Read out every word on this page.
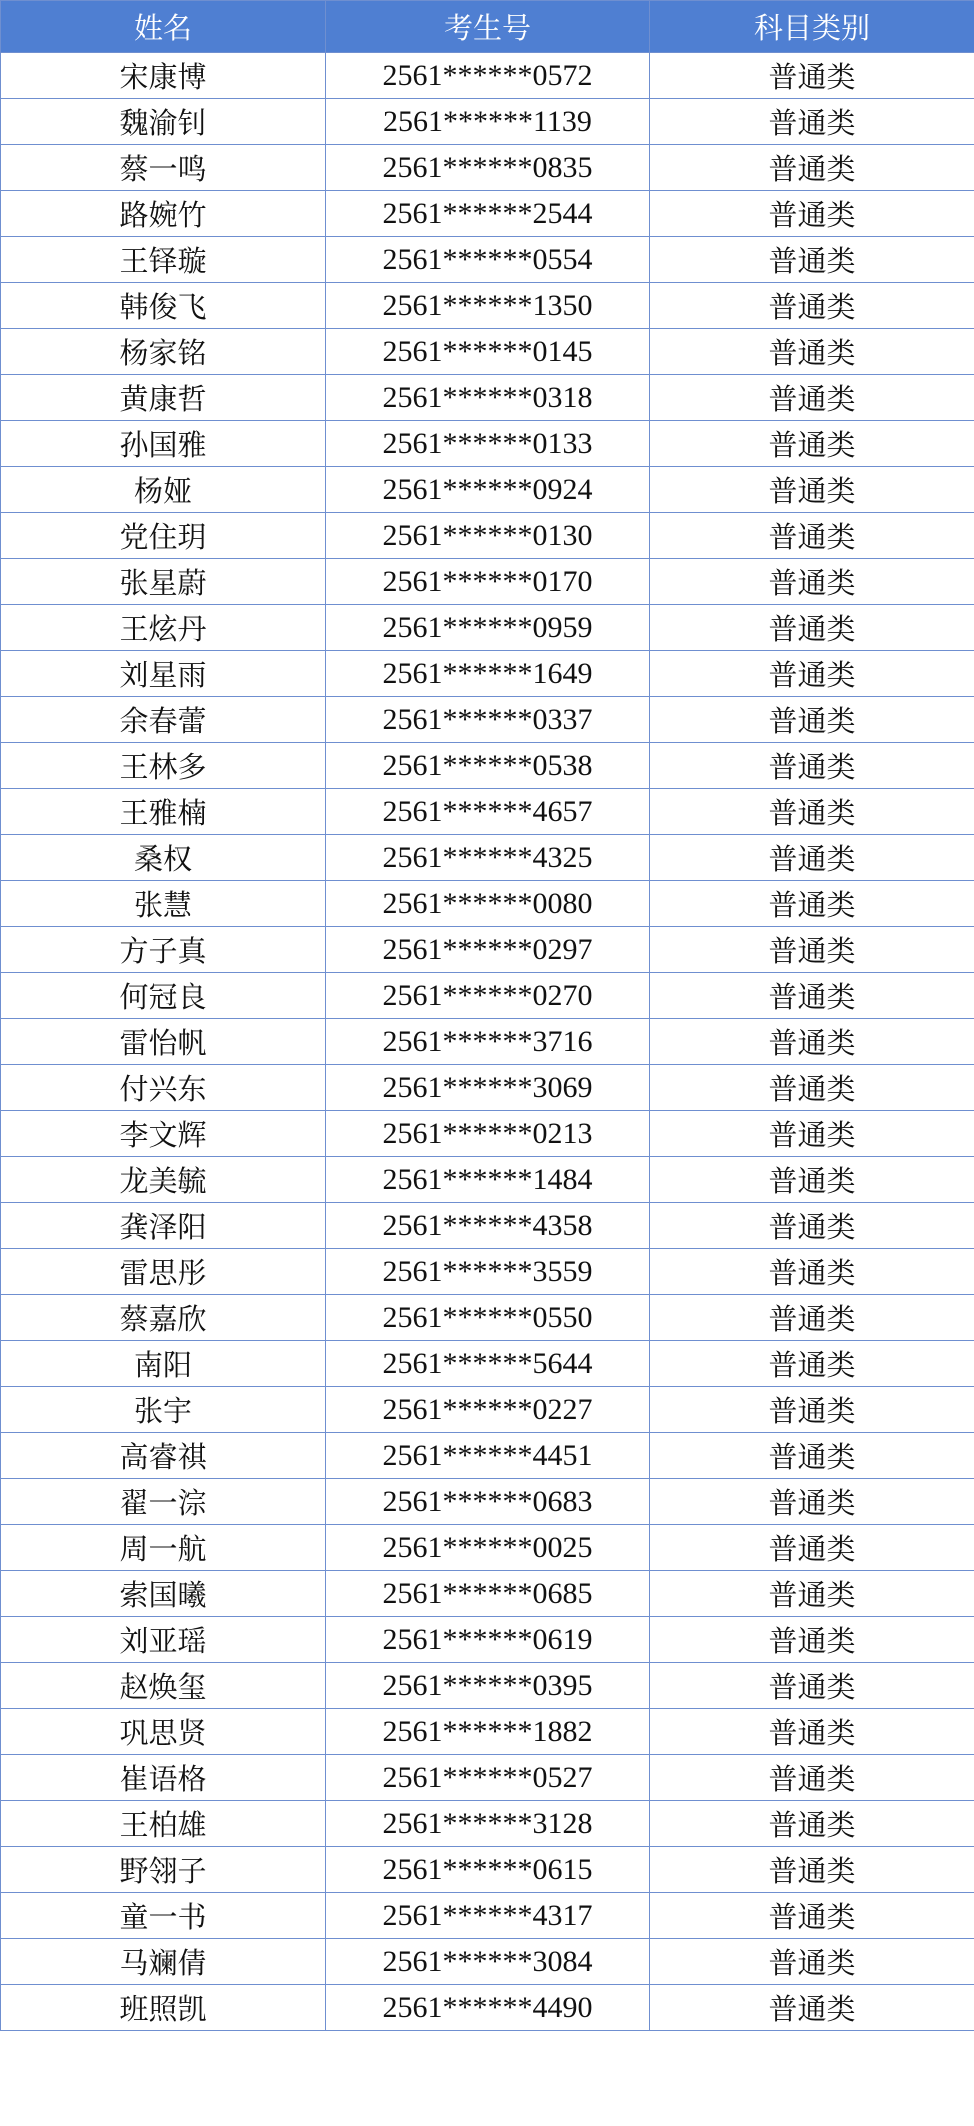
姓名	考生号	科目类别
宋康博	2561******0572	普通类
魏渝钊	2561******1139	普通类
蔡一鸣	2561******0835	普通类
路婉竹	2561******2544	普通类
王铎璇	2561******0554	普通类
韩俊飞	2561******1350	普通类
杨家铭	2561******0145	普通类
黄康哲	2561******0318	普通类
孙国雅	2561******0133	普通类
杨娅	2561******0924	普通类
党住玥	2561******0130	普通类
张星蔚	2561******0170	普通类
王炫丹	2561******0959	普通类
刘星雨	2561******1649	普通类
余春蕾	2561******0337	普通类
王林多	2561******0538	普通类
王雅楠	2561******4657	普通类
桑权	2561******4325	普通类
张慧	2561******0080	普通类
方子真	2561******0297	普通类
何冠良	2561******0270	普通类
雷怡帆	2561******3716	普通类
付兴东	2561******3069	普通类
李文辉	2561******0213	普通类
龙美毓	2561******1484	普通类
龚泽阳	2561******4358	普通类
雷思彤	2561******3559	普通类
蔡嘉欣	2561******0550	普通类
南阳	2561******5644	普通类
张宇	2561******0227	普通类
高睿祺	2561******4451	普通类
翟一淙	2561******0683	普通类
周一航	2561******0025	普通类
索国曦	2561******0685	普通类
刘亚瑶	2561******0619	普通类
赵焕玺	2561******0395	普通类
巩思贤	2561******1882	普通类
崔语格	2561******0527	普通类
王柏雄	2561******3128	普通类
野翎子	2561******0615	普通类
童一书	2561******4317	普通类
马斓倩	2561******3084	普通类
班照凯	2561******4490	普通类
